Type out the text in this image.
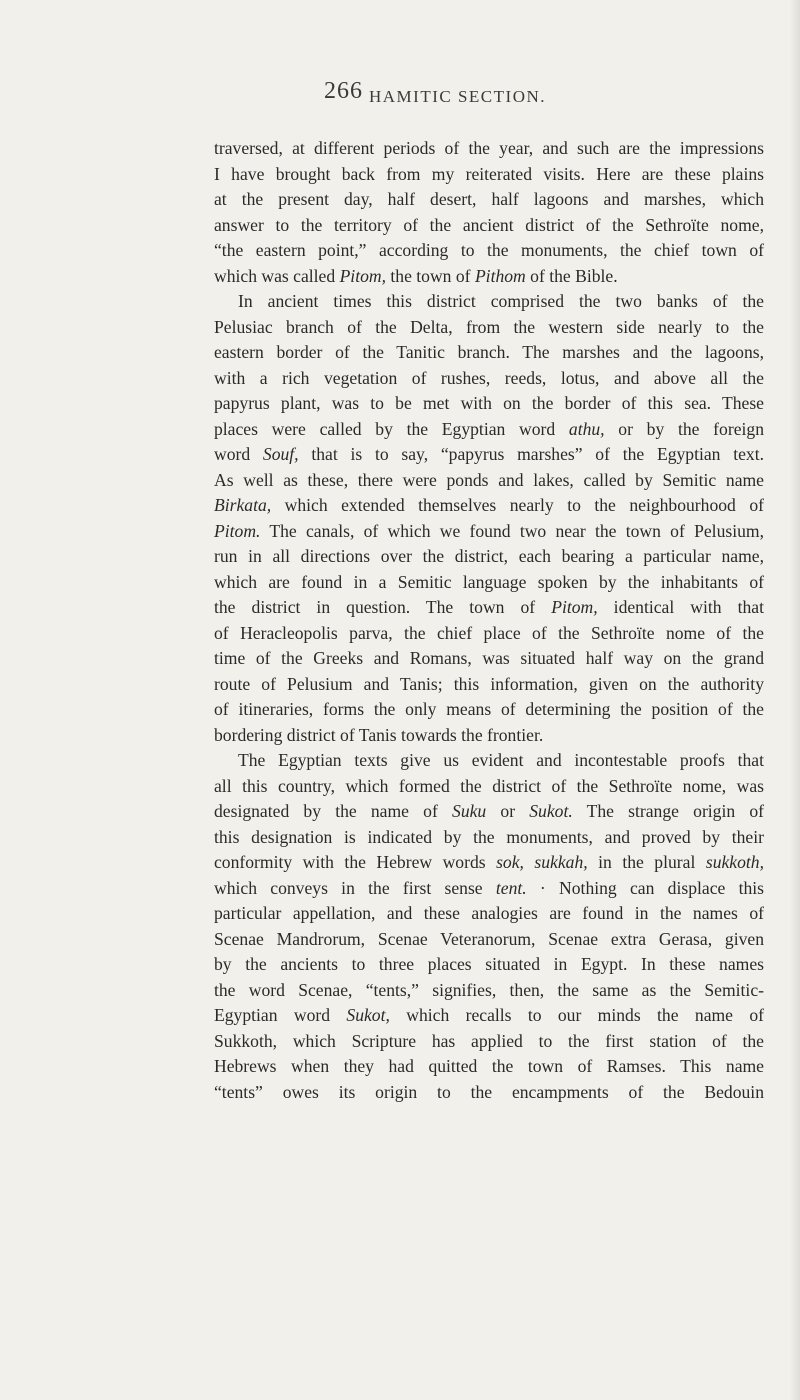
266 HAMITIC SECTION.
traversed, at different periods of the year, and such are the impressions
I have brought back from my reiterated visits. Here are these plains
at the present day, half desert, half lagoons and marshes, which
answer to the territory of the ancient district of the Sethroïte nome,
“the eastern point,” according to the monuments, the chief town of
which was called Pitom, the town of Pithom of the Bible.
In ancient times this district comprised the two banks of the
Pelusiac branch of the Delta, from the western side nearly to the
eastern border of the Tanitic branch. The marshes and the lagoons,
with a rich vegetation of rushes, reeds, lotus, and above all the
papyrus plant, was to be met with on the border of this sea. These
places were called by the Egyptian word athu, or by the foreign
word Souf, that is to say, “papyrus marshes” of the Egyptian text.
As well as these, there were ponds and lakes, called by Semitic name
Birkata, which extended themselves nearly to the neighbourhood of
Pitom. The canals, of which we found two near the town of Pelusium,
run in all directions over the district, each bearing a particular name,
which are found in a Semitic language spoken by the inhabitants of
the district in question. The town of Pitom, identical with that
of Heracleopolis parva, the chief place of the Sethroïte nome of the
time of the Greeks and Romans, was situated half way on the grand
route of Pelusium and Tanis; this information, given on the authority
of itineraries, forms the only means of determining the position of the
bordering district of Tanis towards the frontier.
The Egyptian texts give us evident and incontestable proofs that
all this country, which formed the district of the Sethroïte nome, was
designated by the name of Suku or Sukot. The strange origin of
this designation is indicated by the monuments, and proved by their
conformity with the Hebrew words sok, sukkah, in the plural sukkoth,
which conveys in the first sense tent. · Nothing can displace this
particular appellation, and these analogies are found in the names of
Scenae Mandrorum, Scenae Veteranorum, Scenae extra Gerasa, given
by the ancients to three places situated in Egypt. In these names
the word Scenae, “tents,” signifies, then, the same as the Semitic-
Egyptian word Sukot, which recalls to our minds the name of
Sukkoth, which Scripture has applied to the first station of the
Hebrews when they had quitted the town of Ramses. This name
“tents” owes its origin to the encampments of the Bedouin
